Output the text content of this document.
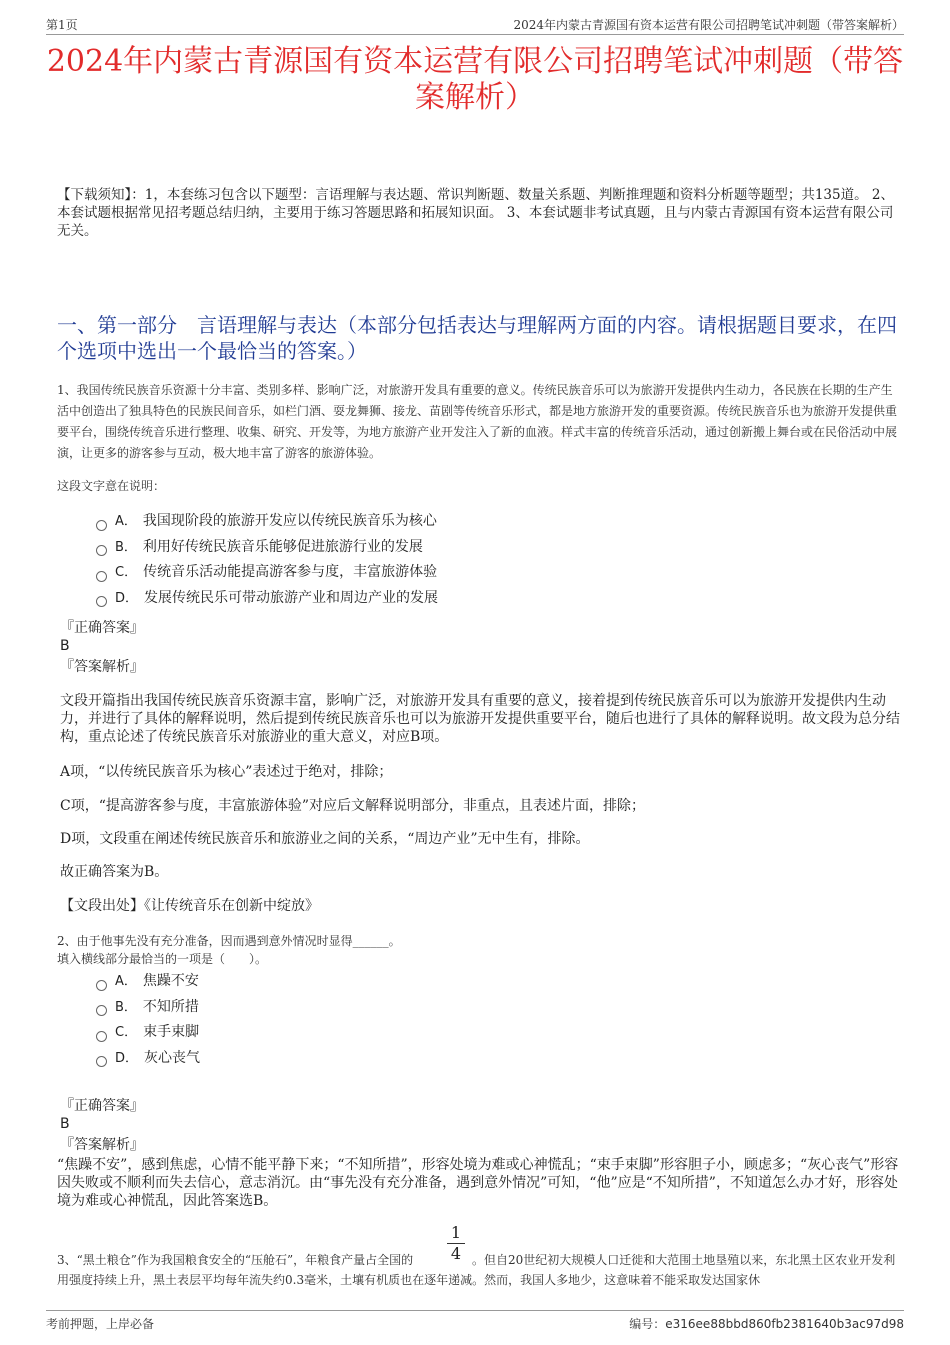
第1页	2024年内蒙古青源国有资本运营有限公司招聘笔试冲刺题（带答案解析）
2024年内蒙古青源国有资本运营有限公司招聘笔试冲刺题（带答案解析）
【下载须知】：1，本套练习包含以下题型：言语理解与表达题、常识判断题、数量关系题、判断推理题和资料分析题等题型；共135道。 2、本套试题根据常见招考题总结归纳，主要用于练习答题思路和拓展知识面。 3、本套试题非考试真题，且与内蒙古青源国有资本运营有限公司无关。
一、第一部分　言语理解与表达（本部分包括表达与理解两方面的内容。请根据题目要求，在四个选项中选出一个最恰当的答案。）
1、我国传统民族音乐资源十分丰富、类别多样、影响广泛，对旅游开发具有重要的意义。传统民族音乐可以为旅游开发提供内生动力，各民族在长期的生产生活中创造出了独具特色的民族民间音乐，如栏门酒、耍龙舞狮、接龙、苗剧等传统音乐形式，都是地方旅游开发的重要资源。传统民族音乐也为旅游开发提供重要平台，围绕传统音乐进行整理、收集、研究、开发等，为地方旅游产业开发注入了新的血液。样式丰富的传统音乐活动，通过创新搬上舞台或在民俗活动中展演，让更多的游客参与互动，极大地丰富了游客的旅游体验。
这段文字意在说明：
A． 我国现阶段的旅游开发应以传统民族音乐为核心
B． 利用好传统民族音乐能够促进旅游行业的发展
C． 传统音乐活动能提高游客参与度，丰富旅游体验
D． 发展传统民乐可带动旅游产业和周边产业的发展
『正确答案』
B
『答案解析』
文段开篇指出我国传统民族音乐资源丰富，影响广泛，对旅游开发具有重要的意义，接着提到传统民族音乐可以为旅游开发提供内生动力，并进行了具体的解释说明，然后提到传统民族音乐也可以为旅游开发提供重要平台，随后也进行了具体的解释说明。故文段为总分结构，重点论述了传统民族音乐对旅游业的重大意义，对应B项。
A项，“以传统民族音乐为核心”表述过于绝对，排除；
C项，“提高游客参与度，丰富旅游体验”对应后文解释说明部分，非重点，且表述片面，排除；
D项，文段重在阐述传统民族音乐和旅游业之间的关系，“周边产业”无中生有，排除。
故正确答案为B。
【文段出处】《让传统音乐在创新中绽放》
2、由于他事先没有充分准备，因而遇到意外情况时显得______。
填入横线部分最恰当的一项是（　　）。
A． 焦躁不安
B． 不知所措
C． 束手束脚
D． 灰心丧气
『正确答案』
B
『答案解析』
“焦躁不安”，感到焦虑，心情不能平静下来；“不知所措”，形容处境为难或心神慌乱；“束手束脚”形容胆子小，顾虑多；“灰心丧气”形容因失败或不顺利而失去信心，意志消沉。由“事先没有充分准备，遇到意外情况”可知，“他”应是“不知所措”，不知道怎么办才好，形容处境为难或心神慌乱，因此答案选B。
1
4
3、“黑土粮仓”作为我国粮食安全的“压舱石”，年粮食产量占全国的	。但自20世纪初大规模人口迁徙和大范围土地垦殖以来，东北黑土区农业开发利用强度持续上升，黑土表层平均每年流失约0.3毫米，土壤有机质也在逐年递减。然而，我国人多地少，这意味着不能采取发达国家休
考前押题，上岸必备	编号：e316ee88bbd860fb2381640b3ac97d98
